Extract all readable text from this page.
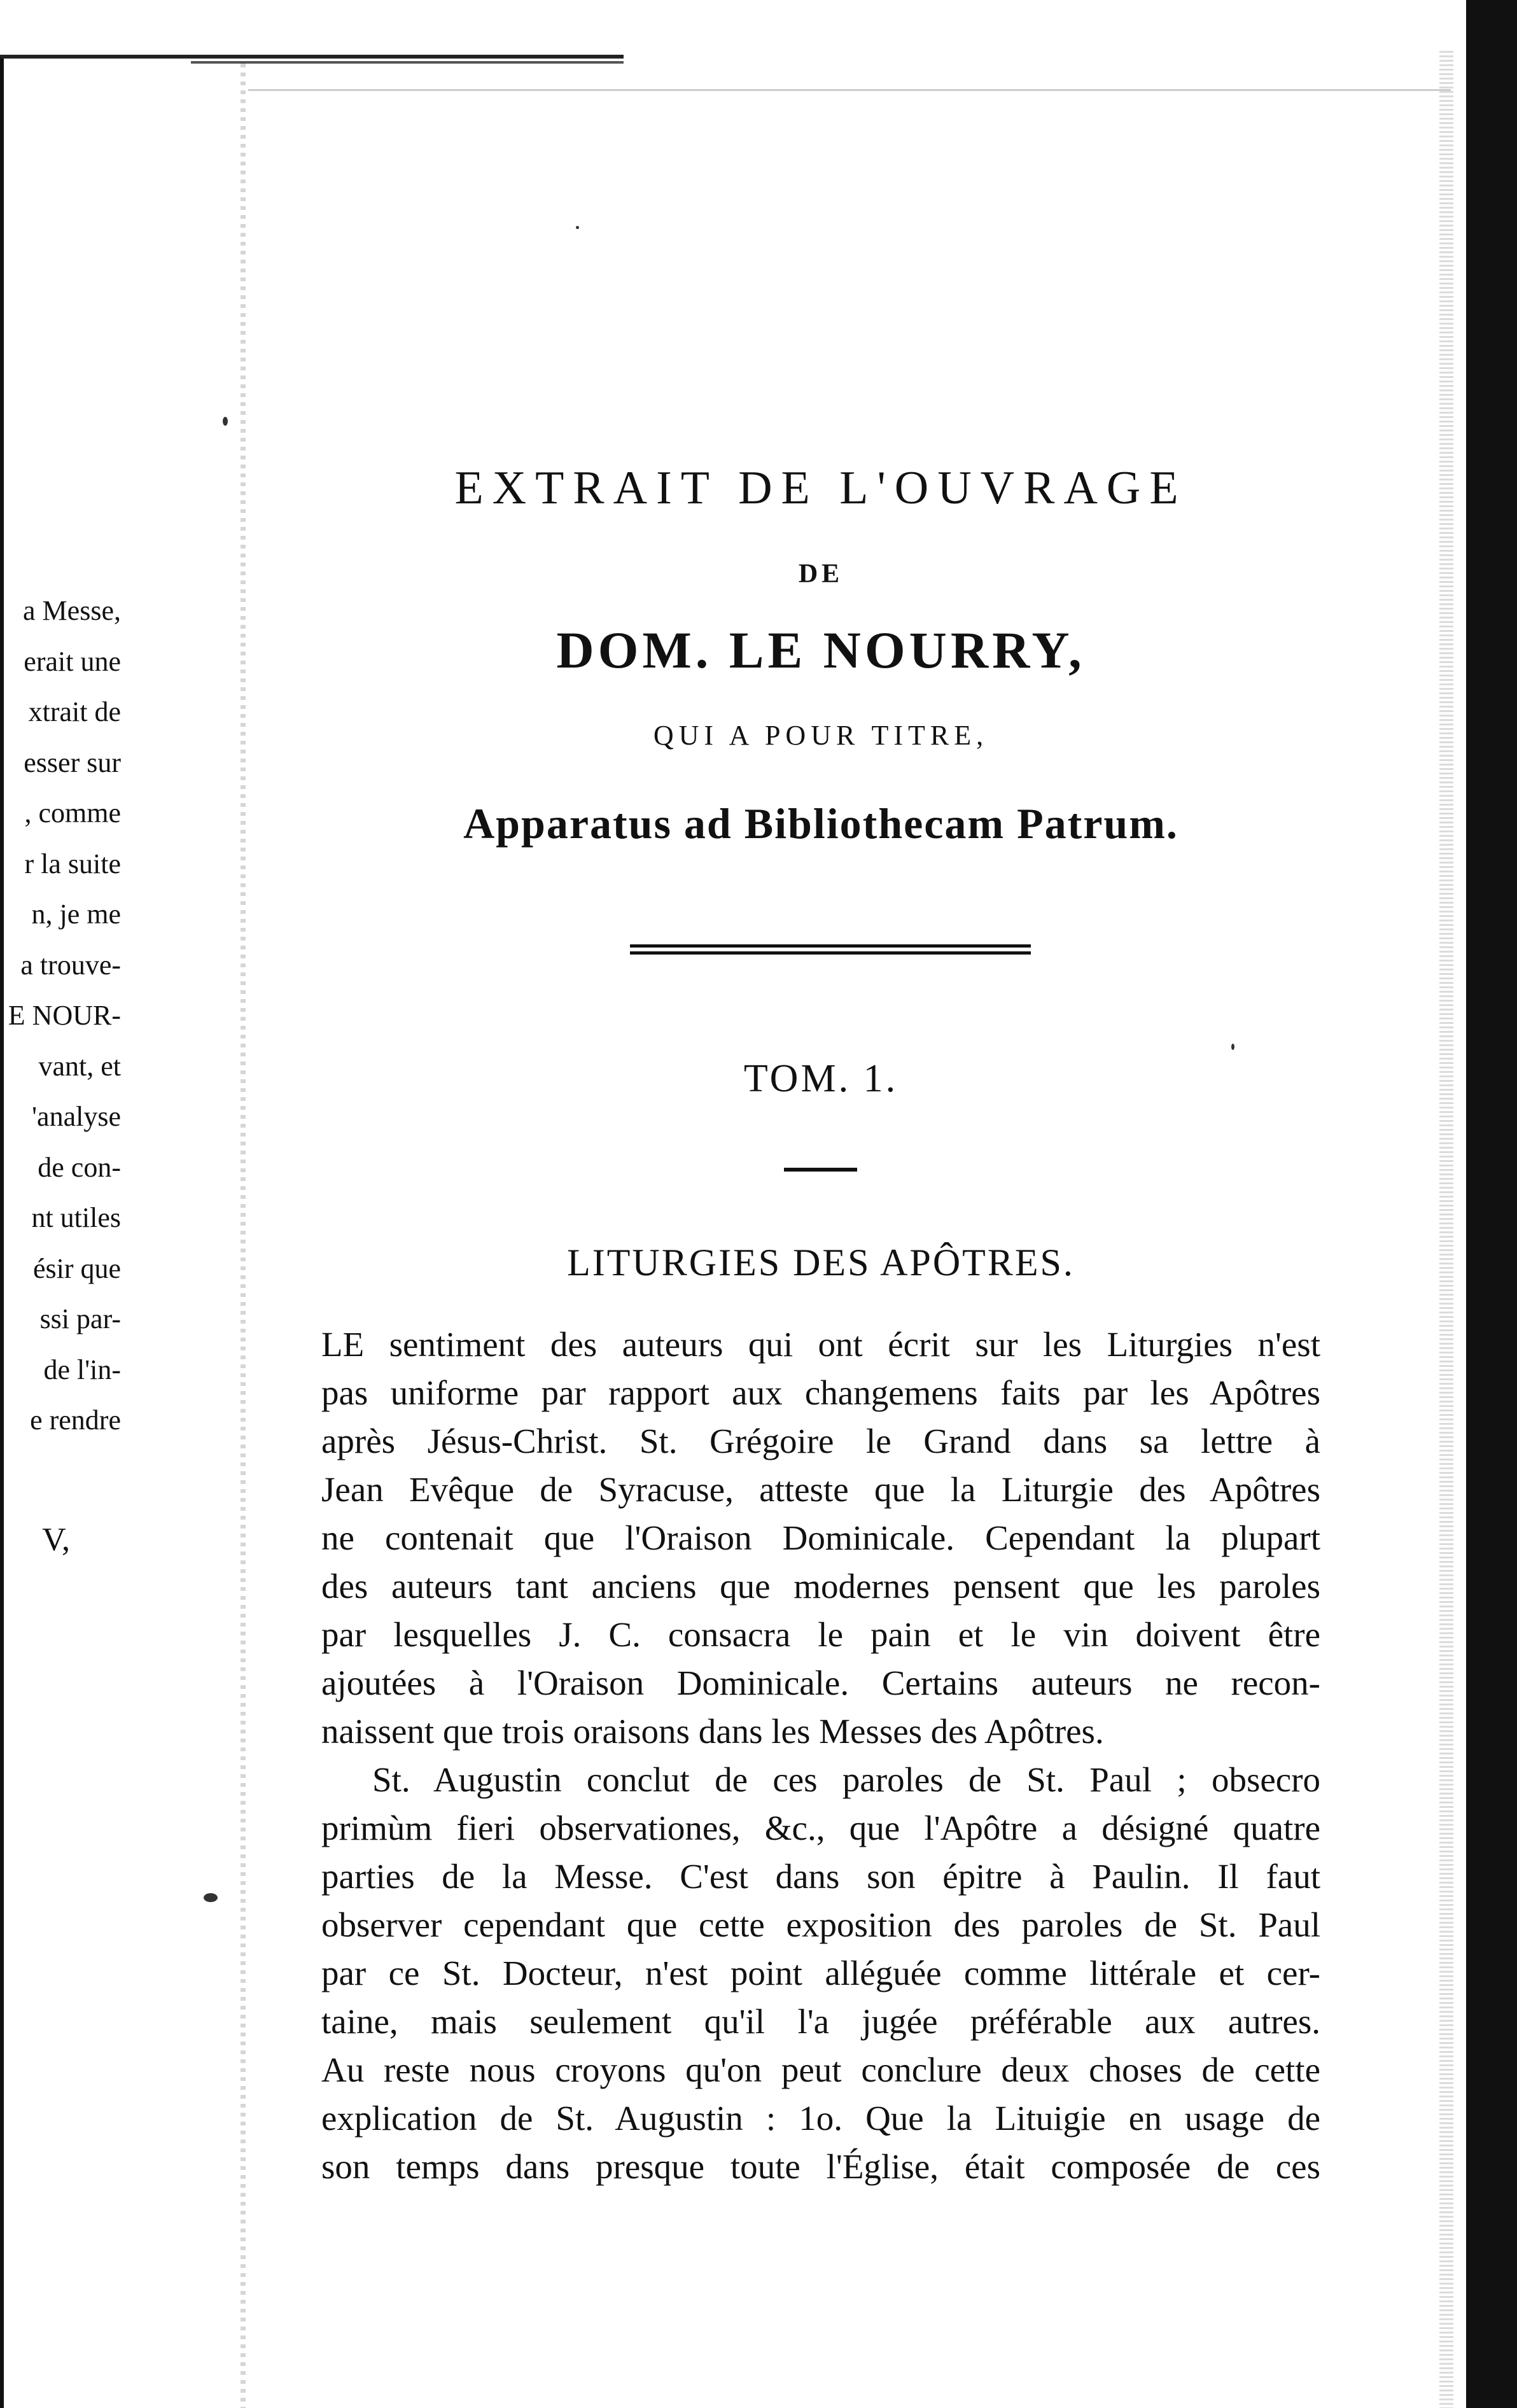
a Messe,
erait une
xtrait de
esser sur
, comme
r la suite
n, je me
a trouve-
E NOUR-
vant, et
'analyse
de con-
nt utiles
ésir que
ssi par-
de l'in-
e rendre
V,
EXTRAIT DE L'OUVRAGE
DE
DOM. LE NOURRY,
QUI A POUR TITRE,
Apparatus ad Bibliothecam Patrum.
TOM. 1.
LITURGIES DES APÔTRES.
LE sentiment des auteurs qui ont écrit sur les Liturgies n'est
pas uniforme par rapport aux changemens faits par les Apôtres
après Jésus-Christ. St. Grégoire le Grand dans sa lettre à
Jean Evêque de Syracuse, atteste que la Liturgie des Apôtres
ne contenait que l'Oraison Dominicale. Cependant la plupart
des auteurs tant anciens que modernes pensent que les paroles
par lesquelles J. C. consacra le pain et le vin doivent être
ajoutées à l'Oraison Dominicale. Certains auteurs ne recon-
naissent que trois oraisons dans les Messes des Apôtres.
St. Augustin conclut de ces paroles de St. Paul ; obsecro
primùm fieri observationes, &c., que l'Apôtre a désigné quatre
parties de la Messe. C'est dans son épitre à Paulin. Il faut
observer cependant que cette exposition des paroles de St. Paul
par ce St. Docteur, n'est point alléguée comme littérale et cer-
taine, mais seulement qu'il l'a jugée préférable aux autres.
Au reste nous croyons qu'on peut conclure deux choses de cette
explication de St. Augustin : 1o. Que la Lituigie en usage de
son temps dans presque toute l'Église, était composée de ces
